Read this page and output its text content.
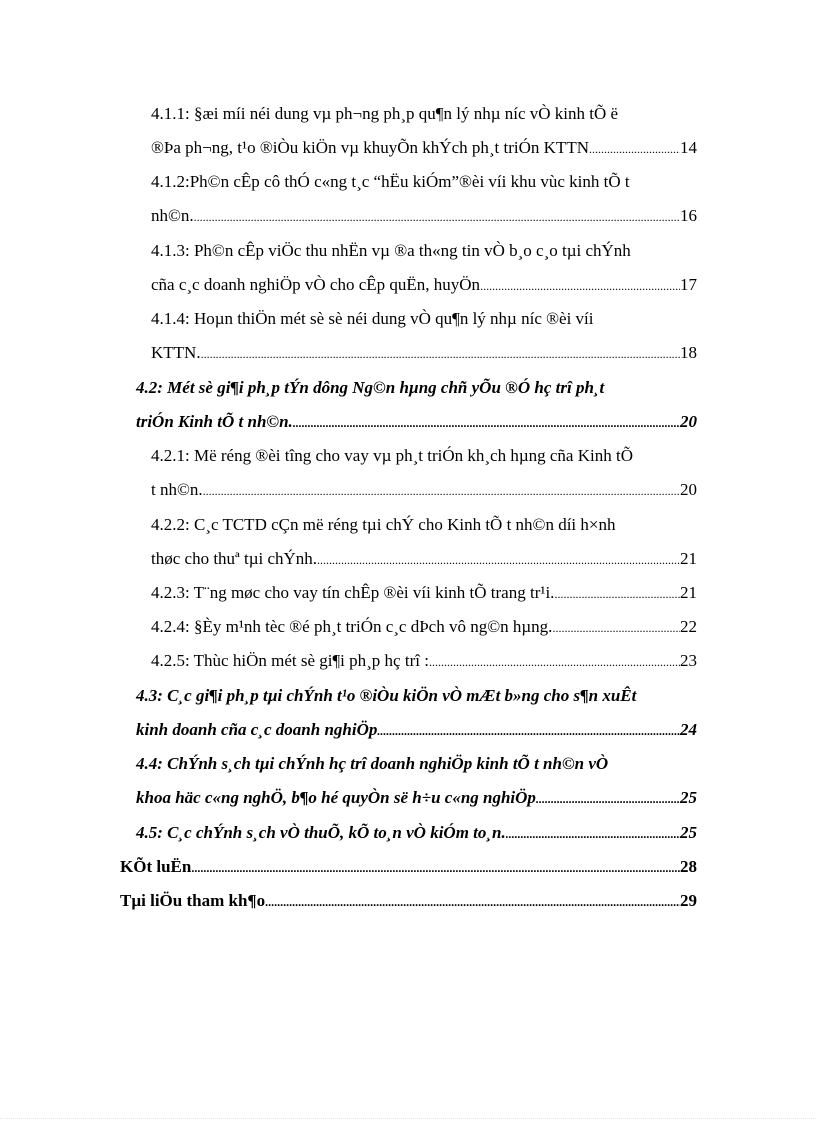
4.1.1: §æi míi néi dung vµ ph¬ng ph¸p qu¶n lý nhµ níc vÒ kinh tÕ ë
®Þa ph¬ng, t¹o ®iÒu kiÖn vµ khuyÕn khÝch ph¸t triÓn KTTN .....	14
4.1.2:Ph©n cÊp cô thÓ c«ng t¸c “hËu kiÓm”®èi víi khu vùc kinh tÕ t
nh©n. .....	16
4.1.3: Ph©n cÊp viÖc thu nhËn vµ ®a th«ng tin vÒ b¸o c¸o tµi chÝnh
cña c¸c doanh nghiÖp vÒ cho cÊp quËn, huyÖn .....	17
4.1.4: Hoµn thiÖn mét sè sè néi dung vÒ qu¶n lý nhµ níc ®èi víi
KTTN. .....	18
4.2: Mét sè gi¶i ph¸p tÝn dông Ng©n hµng chñ yÕu ®Ó hç trî ph¸t
triÓn Kinh tÕ t nh©n. .....	20
4.2.1: Më réng ®èi tîng cho vay vµ ph¸t triÓn kh¸ch hµng cña Kinh tÕ
t nh©n. .....	20
4.2.2: C¸c TCTD cÇn më réng tµi chÝ cho Kinh tÕ t nh©n díi h×nh
thøc cho thuª tµi chÝnh. .....	21
4.2.3: T¨ng møc cho vay tín chÊp ®èi víi kinh tÕ trang tr¹i. .....	21
4.2.4: §Èy m¹nh tèc ®é ph¸t triÓn c¸c dÞch vô ng©n hµng. .....	22
4.2.5: Thùc hiÖn mét sè gi¶i ph¸p hç trî : .....	23
4.3: C¸c gi¶i ph¸p tµi chÝnh t¹o ®iÒu kiÖn vÒ mÆt b»ng cho s¶n xuÊt
kinh doanh cña c¸c doanh nghiÖp .....	24
4.4: ChÝnh s¸ch tµi chÝnh hç trî doanh nghiÖp kinh tÕ t nh©n vÒ
khoa häc c«ng nghÖ, b¶o hé quyÒn së h÷u c«ng nghiÖp .....	25
4.5: C¸c chÝnh s¸ch vÒ thuÕ, kÕ to¸n vÒ kiÓm to¸n. .....	25
KÕt luËn .....	28
Tµi liÖu tham kh¶o .....	29
